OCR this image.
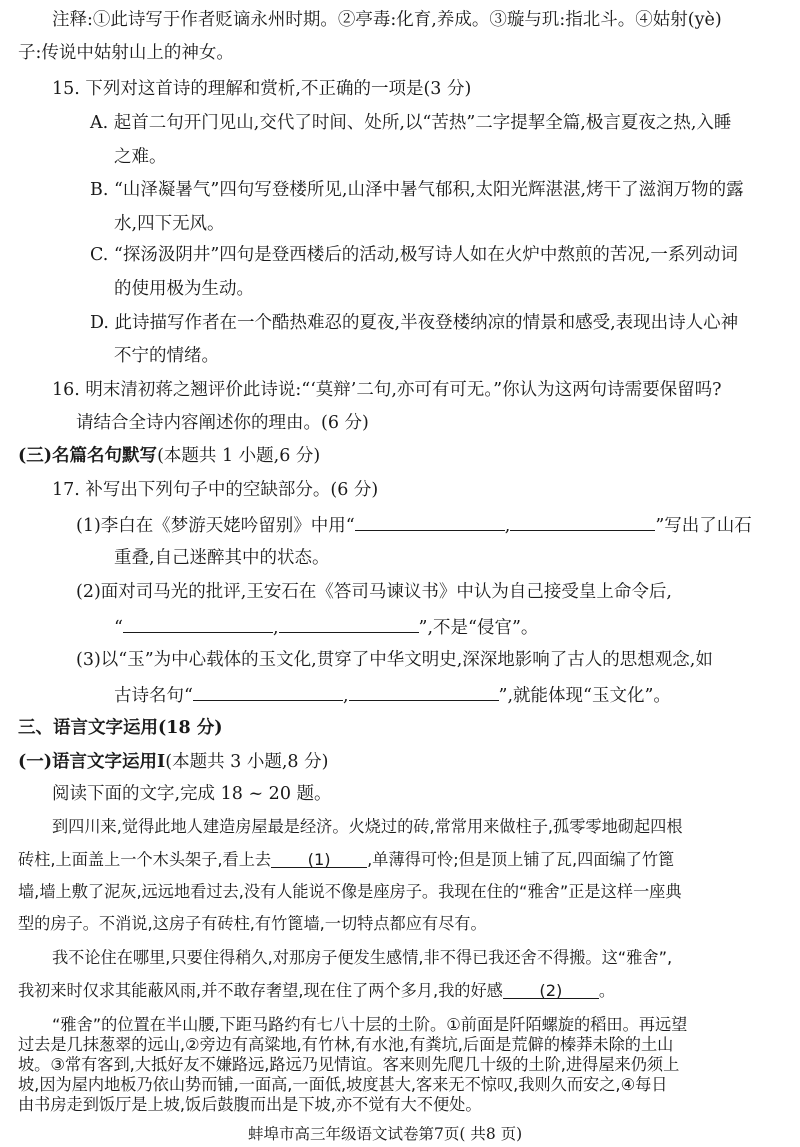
注释:①此诗写于作者贬谪永州时期。②亭毒:化育,养成。③璇与玑:指北斗。④姑射(yè)
子:传说中姑射山上的神女。
15. 下列对这首诗的理解和赏析,不正确的一项是(3 分)
A. 起首二句开门见山,交代了时间、处所,以“苦热”二字提挈全篇,极言夏夜之热,入睡
之难。
B. “山泽凝暑气”四句写登楼所见,山泽中暑气郁积,太阳光辉湛湛,烤干了滋润万物的露
水,四下无风。
C. “探汤汲阴井”四句是登西楼后的活动,极写诗人如在火炉中熬煎的苦况,一系列动词
的使用极为生动。
D. 此诗描写作者在一个酷热难忍的夏夜,半夜登楼纳凉的情景和感受,表现出诗人心神
不宁的情绪。
16. 明末清初蒋之翘评价此诗说:“‘莫辩’二句,亦可有可无。”你认为这两句诗需要保留吗?
请结合全诗内容阐述你的理由。(6 分)
(三)名篇名句默写(本题共 1 小题,6 分)
17. 补写出下列句子中的空缺部分。(6 分)
(1)李白在《梦游天姥吟留别》中用“	,	”写出了山石
重叠,自己迷醉其中的状态。
(2)面对司马光的批评,王安石在《答司马谏议书》中认为自己接受皇上命令后,
“	,	”,不是“侵官”。
(3)以“玉”为中心载体的玉文化,贯穿了中华文明史,深深地影响了古人的思想观念,如
古诗名句“	,	”,就能体现“玉文化”。
三、语言文字运用(18 分)
(一)语言文字运用Ⅰ(本题共 3 小题,8 分)
阅读下面的文字,完成 18 ~ 20 题。
到四川来,觉得此地人建造房屋最是经济。火烧过的砖,常常用来做柱子,孤零零地砌起四根
砖柱,上面盖上一个木头架子,看上去 (1) ,单薄得可怜;但是顶上铺了瓦,四面编了竹篦
墙,墙上敷了泥灰,远远地看过去,没有人能说不像是座房子。我现在住的“雅舍”正是这样一座典
型的房子。不消说,这房子有砖柱,有竹篦墙,一切特点都应有尽有。
我不论住在哪里,只要住得稍久,对那房子便发生感情,非不得已我还舍不得搬。这“雅舍”,
我初来时仅求其能蔽风雨,并不敢存奢望,现在住了两个多月,我的好感 (2) 。
“雅舍”的位置在半山腰,下距马路约有七八十层的土阶。①前面是阡陌螺旋的稻田。再远望
过去是几抹葱翠的远山,②旁边有高粱地,有竹林,有水池,有粪坑,后面是荒僻的榛莽未除的土山
坡。③常有客到,大抵好友不嫌路远,路远乃见情谊。客来则先爬几十级的土阶,进得屋来仍须上
坡,因为屋内地板乃依山势而铺,一面高,一面低,坡度甚大,客来无不惊叹,我则久而安之,④每日
蚌埠市高三年级语文试卷第7页( 共8 页)
由书房走到饭厅是上坡,饭后鼓腹而出是下坡,亦不觉有大不便处。
